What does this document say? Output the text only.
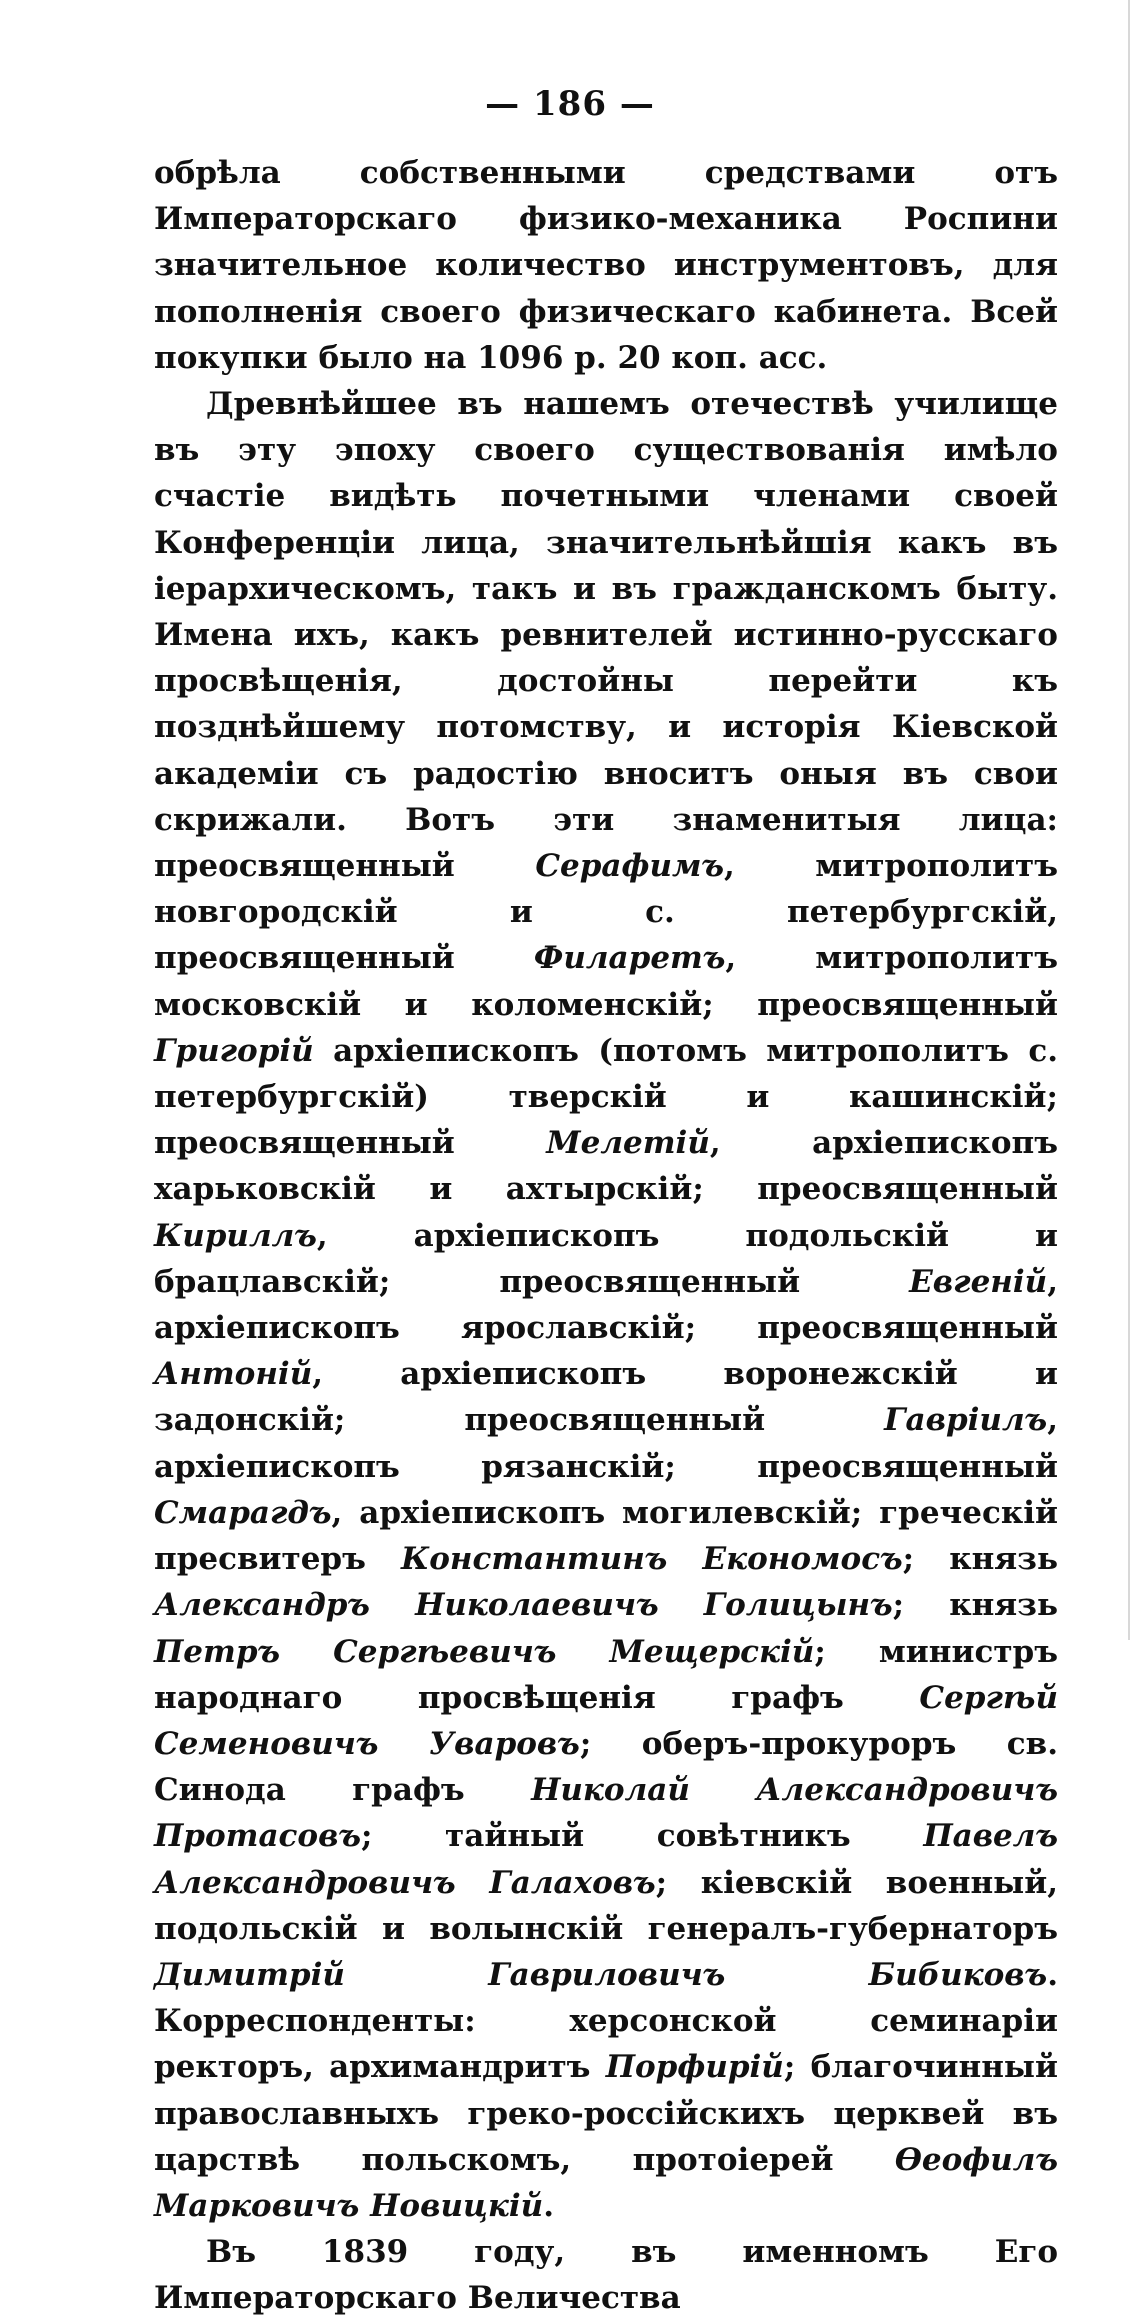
— 186 —

обрѣла собственными средствами отъ Императорскаго физико-механика Роспини значительное количество инструментовъ, для пополненія своего физическаго кабинета. Всей покупки было на 1096 р. 20 коп. асс.

Древнѣйшее въ нашемъ отечествѣ училище въ эту эпоху своего существованія имѣло счастіе видѣть почетными членами своей Конференціи лица, значительнѣйшія какъ въ іерархическомъ, такъ и въ гражданскомъ быту. Имена ихъ, какъ ревнителей истинно-русскаго просвѣщенія, достойны перейти къ позднѣйшему потомству, и исторія Кіевской академіи съ радостію вноситъ оныя въ свои скрижали. Вотъ эти знаменитыя лица: преосвященный Серафимъ, митрополитъ новгородскій и с. петербургскій, преосвященный Филаретъ, митрополитъ московскій и коломенскій; преосвященный Григорій архіепископъ (потомъ митрополитъ с. петербургскій) тверскій и кашинскій; преосвященный Мелетій, архіепископъ харьковскій и ахтырскій; преосвященный Кириллъ, архіепископъ подольскій и брацлавскій; преосвященный Евгеній, архіепископъ ярославскій; преосвященный Антоній, архіепископъ воронежскій и задонскій; преосвященный Гавріилъ, архіепископъ рязанскій; преосвященный Смарагдъ, архіепископъ могилевскій; греческій пресвитеръ Константинъ Економосъ; князь Александръ Николаевичъ Голицынъ; князь Петръ Сергѣевичъ Мещерскій; министръ народнаго просвѣщенія графъ Сергѣй Семеновичъ Уваровъ; оберъ-прокуроръ св. Синода графъ Николай Александровичъ Протасовъ; тайный совѣтникъ Павелъ Александровичъ Галаховъ; кіевскій военный, подольскій и волынскій генералъ-губернаторъ Димитрій Гавриловичъ Бибиковъ. Корреспонденты: херсонской семинаріи ректоръ, архимандритъ Порфирій; благочинный православныхъ греко-россійскихъ церквей въ царствѣ польскомъ, протоіерей Өеофилъ Марковичъ Новицкій.

Въ 1839 году, въ именномъ Его Императорскаго Величества
